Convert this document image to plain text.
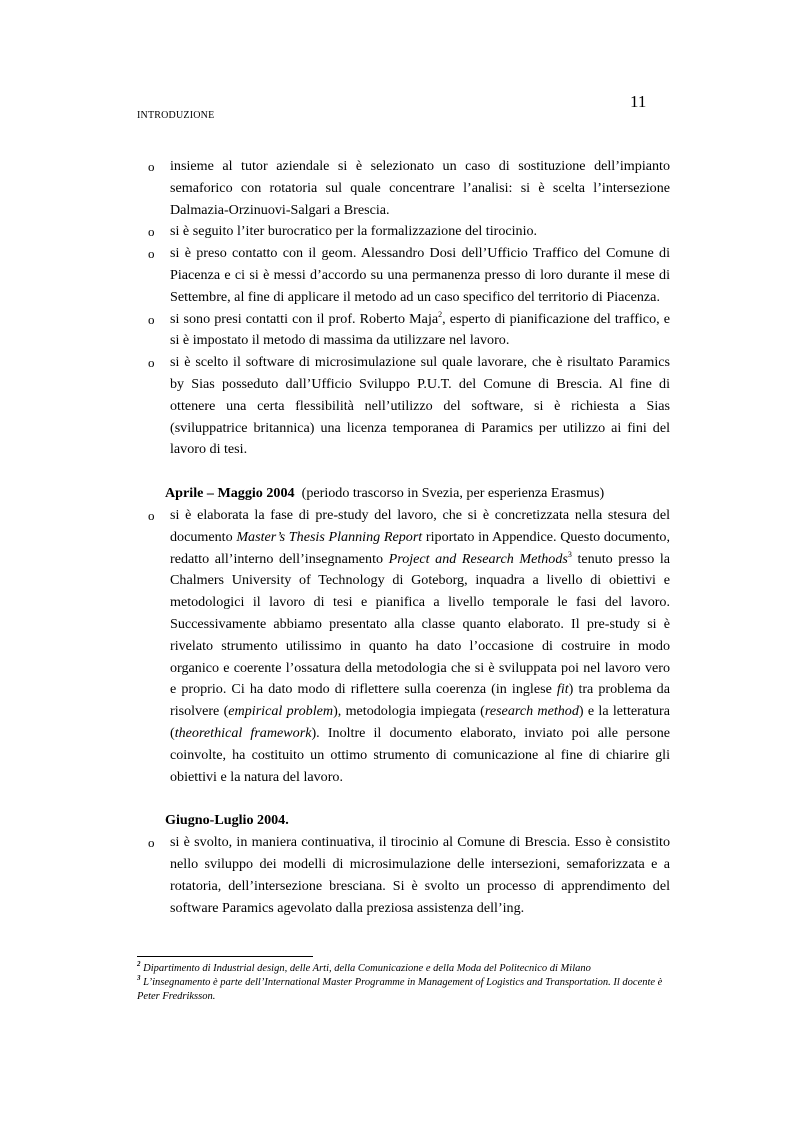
11
INTRODUZIONE
o insieme al tutor aziendale si è selezionato un caso di sostituzione dell’impianto semaforico con rotatoria sul quale concentrare l’analisi: si è scelta l’intersezione Dalmazia-Orzinuovi-Salgari a Brescia.
o si è seguito l’iter burocratico per la formalizzazione del tirocinio.
o si è preso contatto con il geom. Alessandro Dosi dell’Ufficio Traffico del Comune di Piacenza e ci si è messi d’accordo su una permanenza presso di loro durante il mese di Settembre, al fine di applicare il metodo ad un caso specifico del territorio di Piacenza.
o si sono presi contatti con il prof. Roberto Maja$^2$, esperto di pianificazione del traffico, e si è impostato il metodo di massima da utilizzare nel lavoro.
o si è scelto il software di microsimulazione sul quale lavorare, che è risultato Paramics by Sias posseduto dall’Ufficio Sviluppo P.U.T. del Comune di Brescia. Al fine di ottenere una certa flessibilità nell’utilizzo del software, si è richiesta a Sias (sviluppatrice britannica) una licenza temporanea di Paramics per utilizzo ai fini del lavoro di tesi.
Aprile – Maggio 2004 (periodo trascorso in Svezia, per esperienza Erasmus)
o si è elaborata la fase di pre-study del lavoro, che si è concretizzata nella stesura del documento Master’s Thesis Planning Report riportato in Appendice. Questo documento, redatto all’interno dell’insegnamento Project and Research Methods$^3$ tenuto presso la Chalmers University of Technology di Goteborg, inquadra a livello di obiettivi e metodologici il lavoro di tesi e pianifica a livello temporale le fasi del lavoro. Successivamente abbiamo presentato alla classe quanto elaborato. Il pre-study si è rivelato strumento utilissimo in quanto ha dato l’occasione di costruire in modo organico e coerente l’ossatura della metodologia che si è sviluppata poi nel lavoro vero e proprio. Ci ha dato modo di riflettere sulla coerenza (in inglese fit) tra problema da risolvere (empirical problem), metodologia impiegata (research method) e la letteratura (theorethical framework). Inoltre il documento elaborato, inviato poi alle persone coinvolte, ha costituito un ottimo strumento di comunicazione al fine di chiarire gli obiettivi e la natura del lavoro.
Giugno-Luglio 2004.
o si è svolto, in maniera continuativa, il tirocinio al Comune di Brescia. Esso è consistito nello sviluppo dei modelli di microsimulazione delle intersezioni, semaforizzata e a rotatoria, dell’intersezione bresciana. Si è svolto un processo di apprendimento del software Paramics agevolato dalla preziosa assistenza dell’ing.
$^2$ Dipartimento di Industrial design, delle Arti, della Comunicazione e della Moda del Politecnico di Milano
$^3$ L’insegnamento è parte dell’International Master Programme in Management of Logistics and Transportation. Il docente è Peter Fredriksson.
